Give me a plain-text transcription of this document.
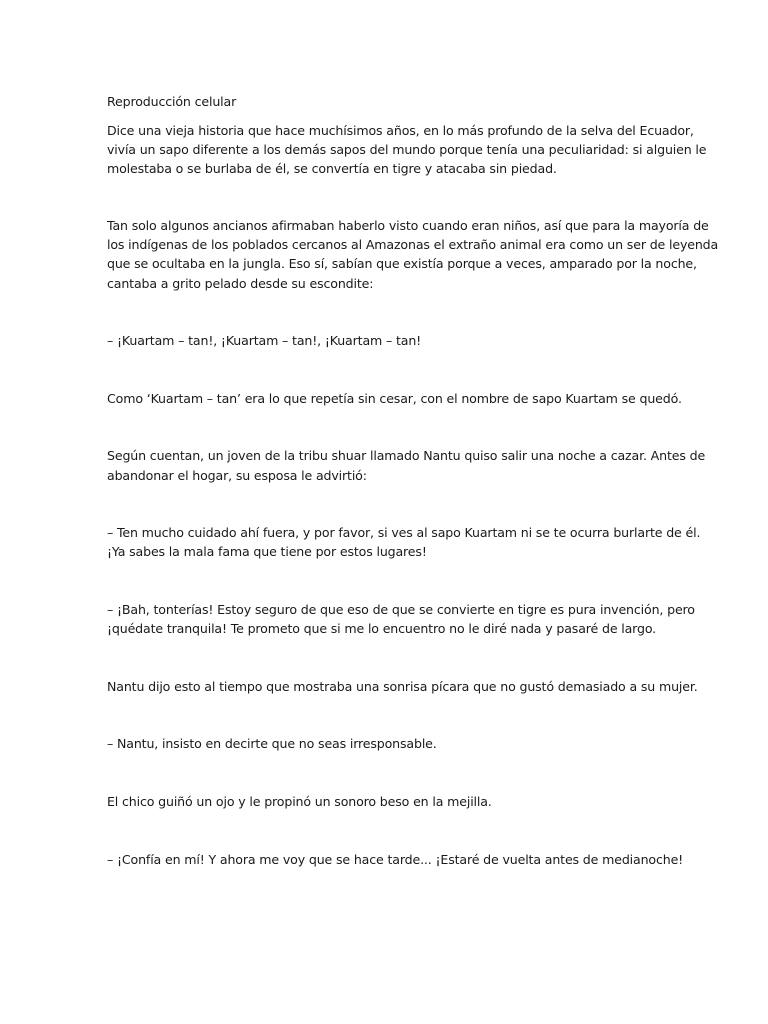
Reproducción celular

Dice una vieja historia que hace muchísimos años, en lo más profundo de la selva del Ecuador,

vivía un sapo diferente a los demás sapos del mundo porque tenía una peculiaridad: si alguien le

molestaba o se burlaba de él, se convertía en tigre y atacaba sin piedad.

Tan solo algunos ancianos afirmaban haberlo visto cuando eran niños, así que para la mayoría de

los indígenas de los poblados cercanos al Amazonas el extraño animal era como un ser de leyenda

que se ocultaba en la jungla. Eso sí, sabían que existía porque a veces, amparado por la noche,

cantaba a grito pelado desde su escondite:

– ¡Kuartam – tan!, ¡Kuartam – tan!, ¡Kuartam – tan!

Como ‘Kuartam – tan’ era lo que repetía sin cesar, con el nombre de sapo Kuartam se quedó.

Según cuentan, un joven de la tribu shuar llamado Nantu quiso salir una noche a cazar. Antes de

abandonar el hogar, su esposa le advirtió:

– Ten mucho cuidado ahí fuera, y por favor, si ves al sapo Kuartam ni se te ocurra burlarte de él.

¡Ya sabes la mala fama que tiene por estos lugares!

– ¡Bah, tonterías! Estoy seguro de que eso de que se convierte en tigre es pura invención, pero

¡quédate tranquila! Te prometo que si me lo encuentro no le diré nada y pasaré de largo.

Nantu dijo esto al tiempo que mostraba una sonrisa pícara que no gustó demasiado a su mujer.

– Nantu, insisto en decirte que no seas irresponsable.

El chico guiñó un ojo y le propinó un sonoro beso en la mejilla.

– ¡Confía en mí! Y ahora me voy que se hace tarde... ¡Estaré de vuelta antes de medianoche!
